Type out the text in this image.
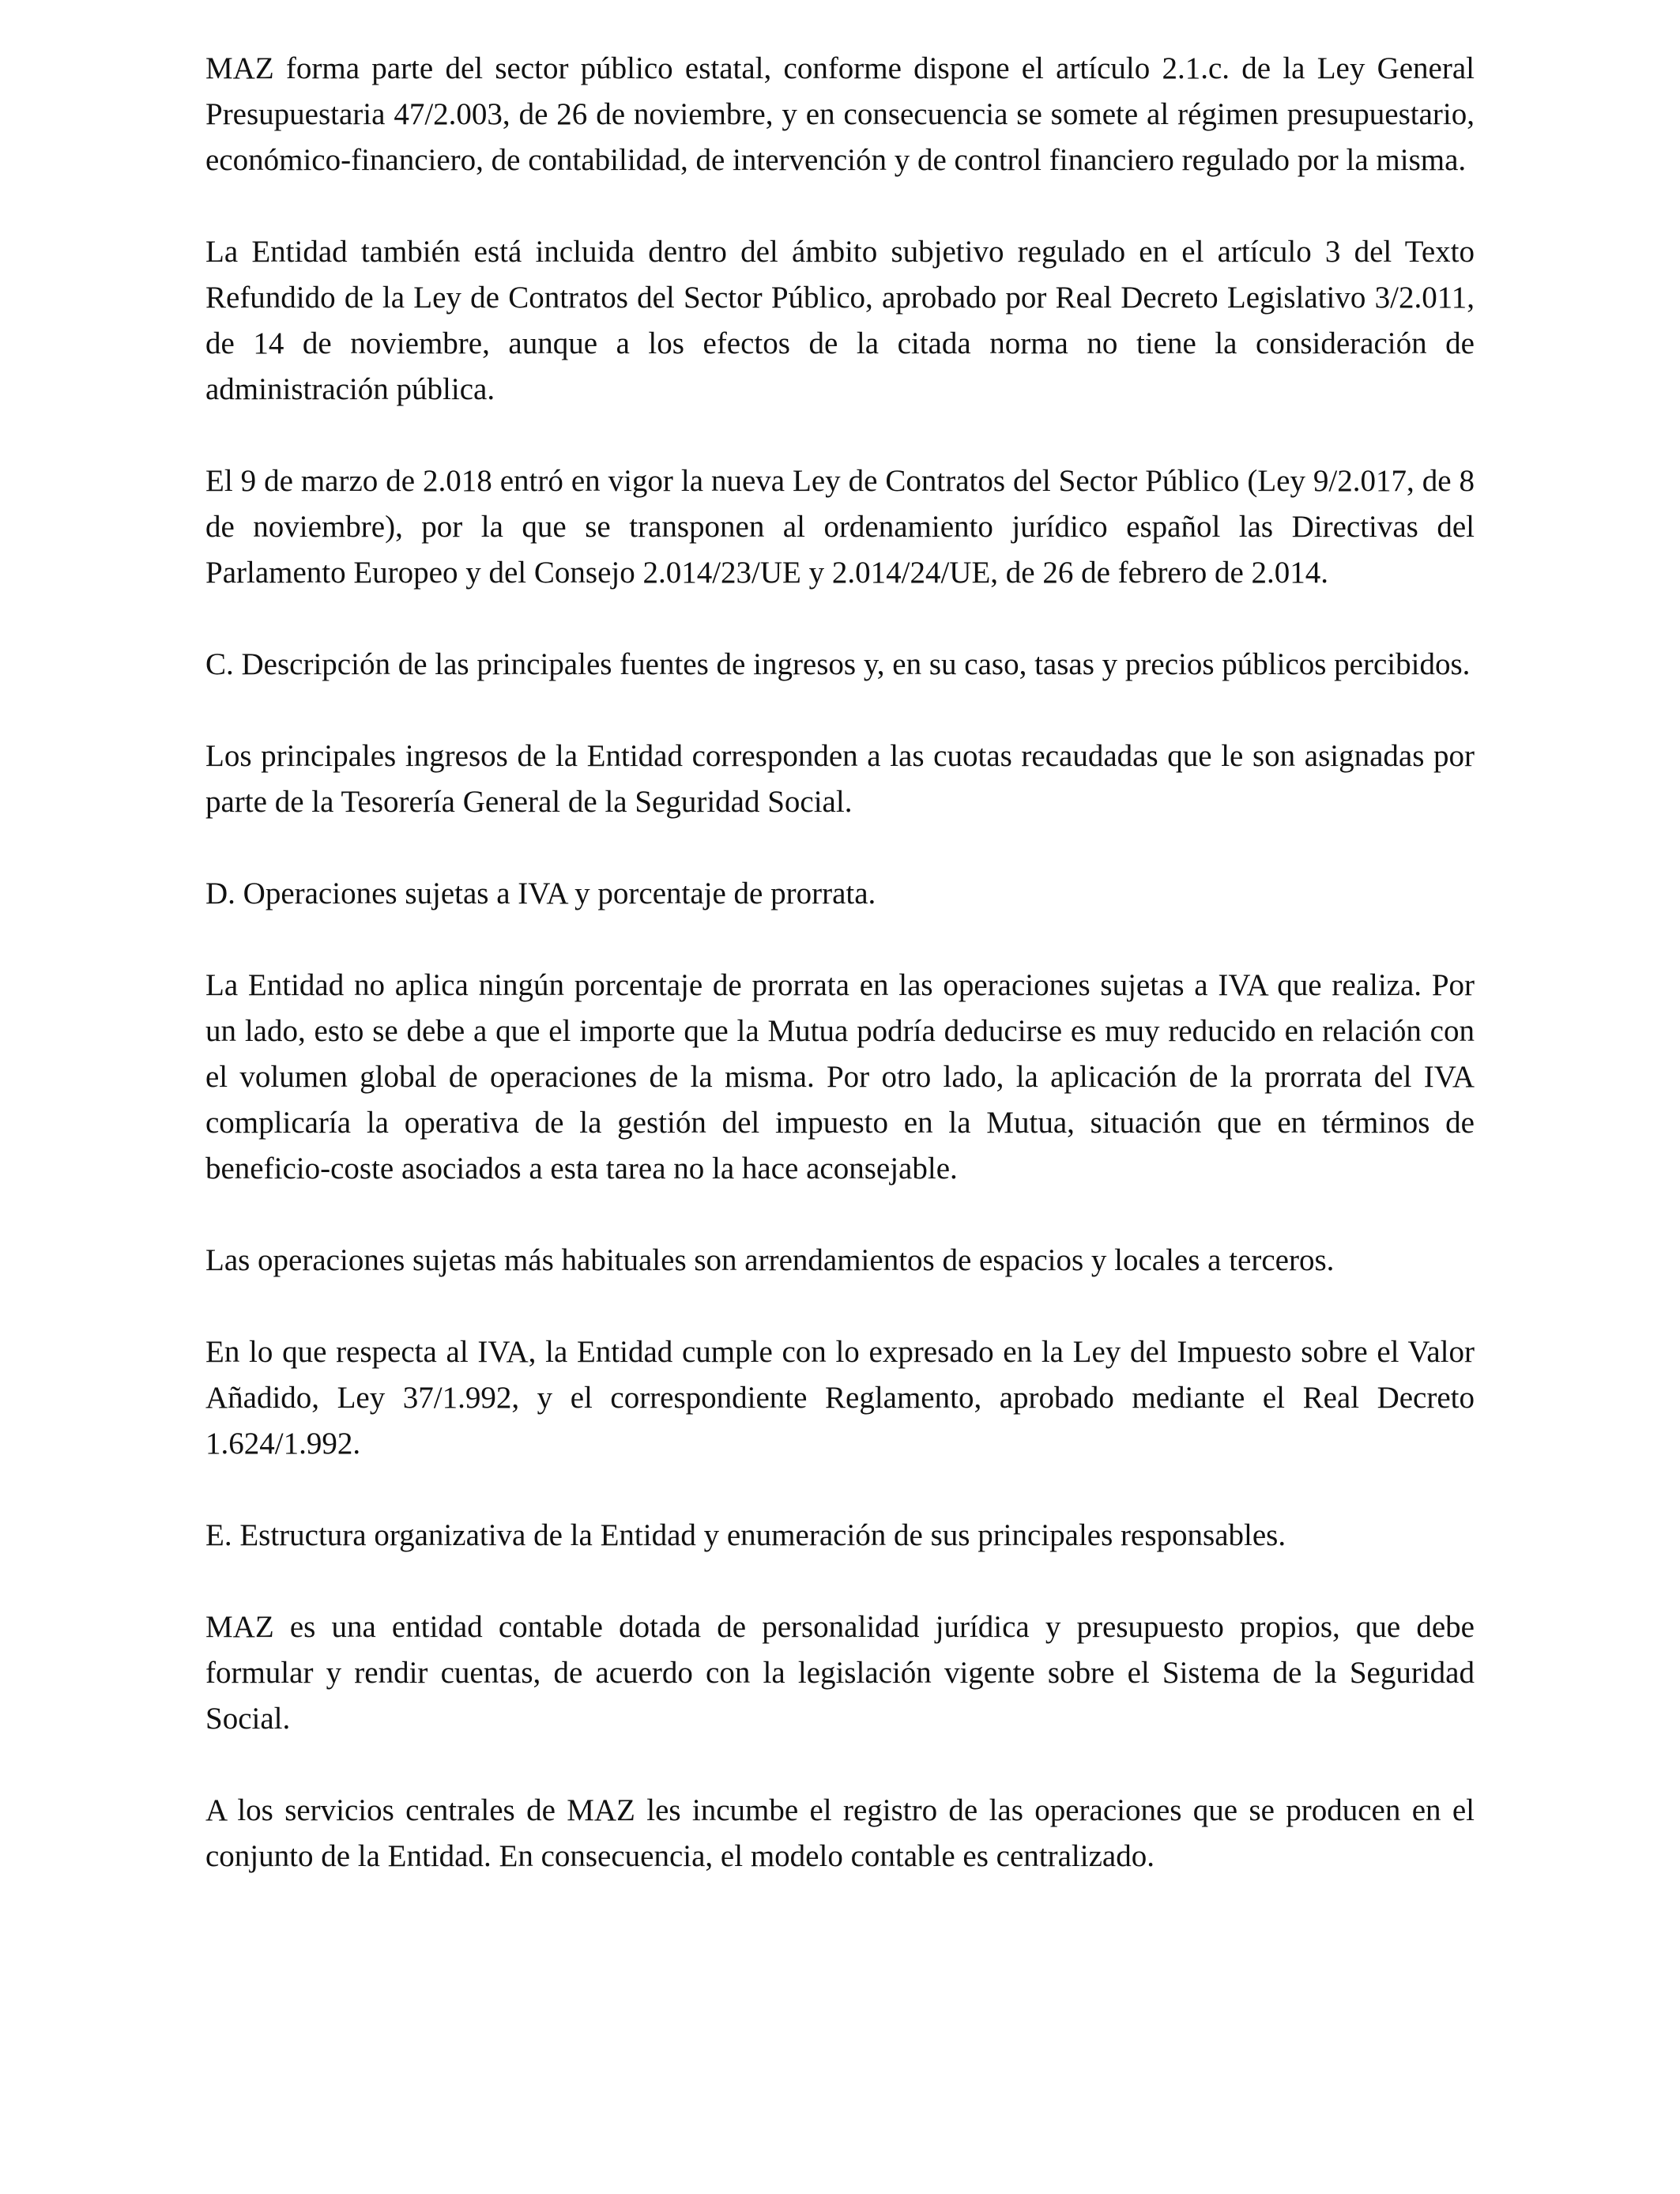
MAZ forma parte del sector público estatal, conforme dispone el artículo 2.1.c. de la Ley General Presupuestaria 47/2.003, de 26 de noviembre, y en consecuencia se somete al régimen presupuestario, económico-financiero, de contabilidad, de intervención y de control financiero regulado por la misma.

La Entidad también está incluida dentro del ámbito subjetivo regulado en el artículo 3 del Texto Refundido de la Ley de Contratos del Sector Público, aprobado por Real Decreto Legislativo 3/2.011, de 14 de noviembre, aunque a los efectos de la citada norma no tiene la consideración de administración pública.

El 9 de marzo de 2.018 entró en vigor la nueva Ley de Contratos del Sector Público (Ley 9/2.017, de 8 de noviembre), por la que se transponen al ordenamiento jurídico español las Directivas del Parlamento Europeo y del Consejo 2.014/23/UE y 2.014/24/UE, de 26 de febrero de 2.014.

C. Descripción de las principales fuentes de ingresos y, en su caso, tasas y precios públicos percibidos.

Los principales ingresos de la Entidad corresponden a las cuotas recaudadas que le son asignadas por parte de la Tesorería General de la Seguridad Social.

D. Operaciones sujetas a IVA y porcentaje de prorrata.

La Entidad no aplica ningún porcentaje de prorrata en las operaciones sujetas a IVA que realiza. Por un lado, esto se debe a que el importe que la Mutua podría deducirse es muy reducido en relación con el volumen global de operaciones de la misma. Por otro lado, la aplicación de la prorrata del IVA complicaría la operativa de la gestión del impuesto en la Mutua, situación que en términos de beneficio-coste asociados a esta tarea no la hace aconsejable.

Las operaciones sujetas más habituales son arrendamientos de espacios y locales a terceros.

En lo que respecta al IVA, la Entidad cumple con lo expresado en la Ley del Impuesto sobre el Valor Añadido, Ley 37/1.992, y el correspondiente Reglamento, aprobado mediante el Real Decreto 1.624/1.992.

E. Estructura organizativa de la Entidad y enumeración de sus principales responsables.

MAZ es una entidad contable dotada de personalidad jurídica y presupuesto propios, que debe formular y rendir cuentas, de acuerdo con la legislación vigente sobre el Sistema de la Seguridad Social.

A los servicios centrales de MAZ les incumbe el registro de las operaciones que se producen en el conjunto de la Entidad. En consecuencia, el modelo contable es centralizado.
